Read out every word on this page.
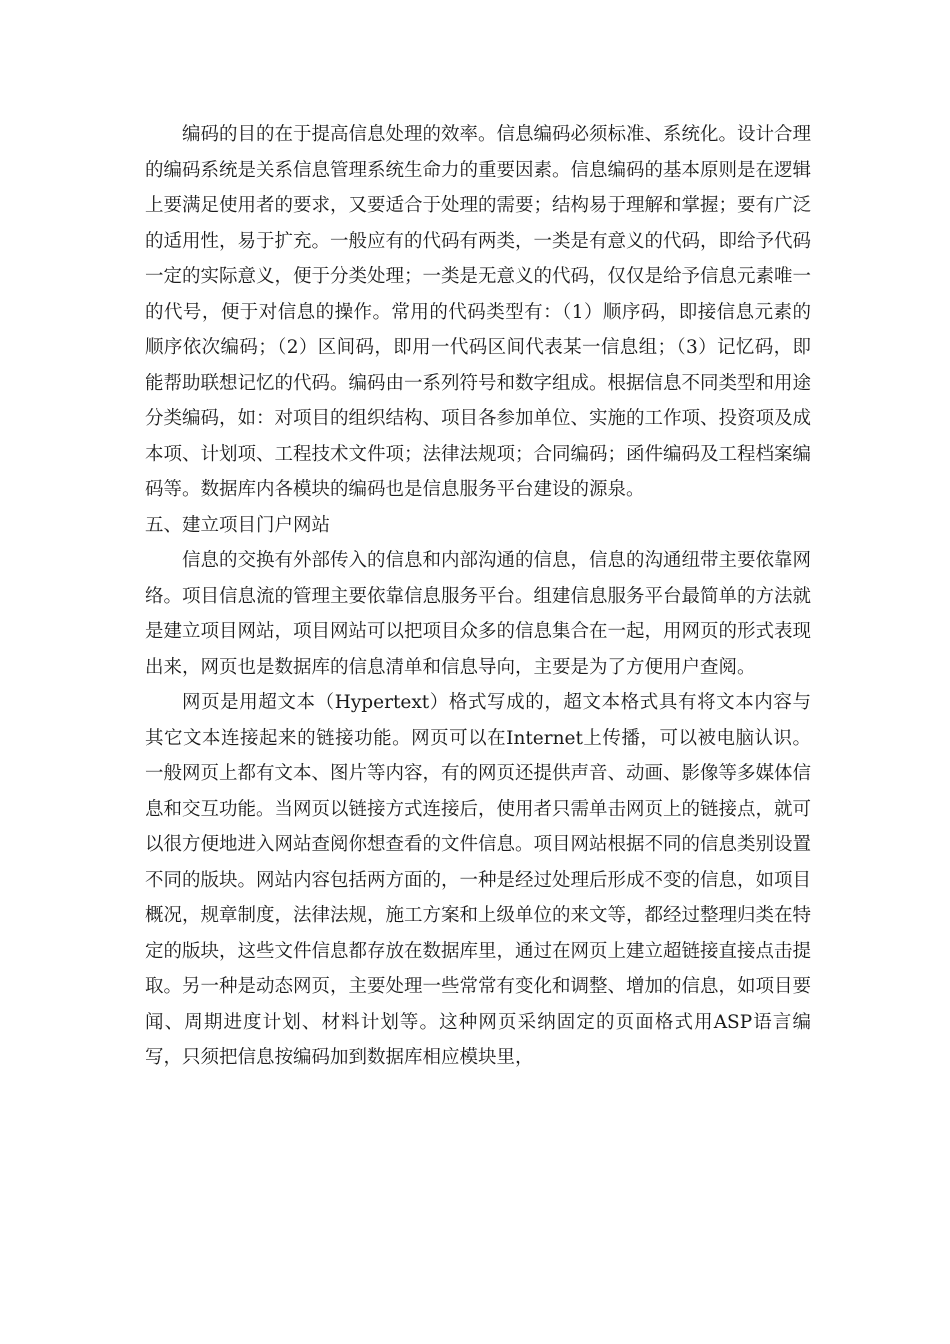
编码的目的在于提高信息处理的效率。信息编码必须标准、系统化。设计合理的编码系统是关系信息管理系统生命力的重要因素。信息编码的基本原则是在逻辑上要满足使用者的要求，又要适合于处理的需要；结构易于理解和掌握；要有广泛的适用性，易于扩充。一般应有的代码有两类，一类是有意义的代码，即给予代码一定的实际意义，便于分类处理；一类是无意义的代码，仅仅是给予信息元素唯一的代号，便于对信息的操作。常用的代码类型有：（1）顺序码，即接信息元素的顺序依次编码；（2）区间码，即用一代码区间代表某一信息组；（3）记忆码，即能帮助联想记忆的代码。编码由一系列符号和数字组成。根据信息不同类型和用途分类编码，如：对项目的组织结构、项目各参加单位、实施的工作项、投资项及成本项、计划项、工程技术文件项；法律法规项；合同编码；函件编码及工程档案编码等。数据库内各模块的编码也是信息服务平台建设的源泉。

五、建立项目门户网站

信息的交换有外部传入的信息和内部沟通的信息，信息的沟通纽带主要依靠网络。项目信息流的管理主要依靠信息服务平台。组建信息服务平台最简单的方法就是建立项目网站，项目网站可以把项目众多的信息集合在一起，用网页的形式表现出来，网页也是数据库的信息清单和信息导向，主要是为了方便用户查阅。

网页是用超文本（Hypertext）格式写成的，超文本格式具有将文本内容与其它文本连接起来的链接功能。网页可以在Internet上传播，可以被电脑认识。一般网页上都有文本、图片等内容，有的网页还提供声音、动画、影像等多媒体信息和交互功能。当网页以链接方式连接后，使用者只需单击网页上的链接点，就可以很方便地进入网站查阅你想查看的文件信息。项目网站根据不同的信息类别设置不同的版块。网站内容包括两方面的，一种是经过处理后形成不变的信息，如项目概况，规章制度，法律法规，施工方案和上级单位的来文等，都经过整理归类在特定的版块，这些文件信息都存放在数据库里，通过在网页上建立超链接直接点击提取。另一种是动态网页，主要处理一些常常有变化和调整、增加的信息，如项目要闻、周期进度计划、材料计划等。这种网页采纳固定的页面格式用ASP语言编写，只须把信息按编码加到数据库相应模块里，
